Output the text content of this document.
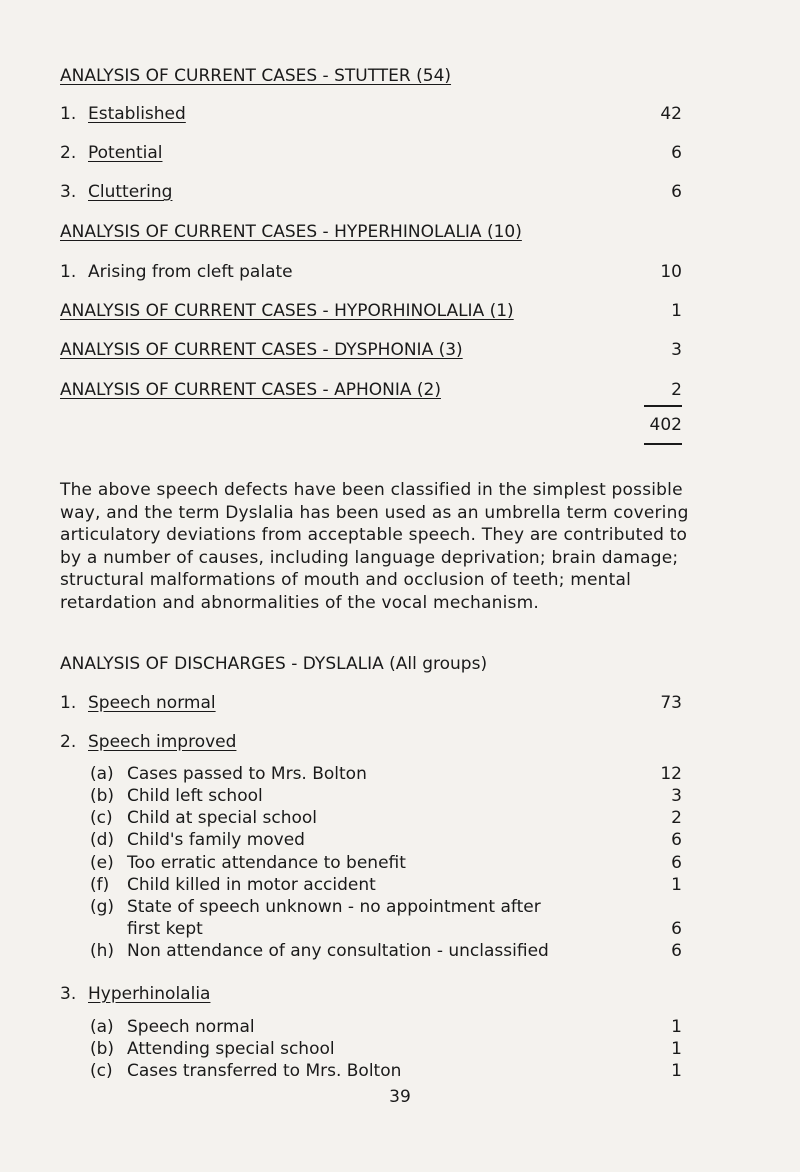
ANALYSIS OF CURRENT CASES - STUTTER (54)
1. Established	42
2. Potential	6
3. Cluttering	6
ANALYSIS OF CURRENT CASES - HYPERHINOLALIA (10)
1. Arising from cleft palate	10
ANALYSIS OF CURRENT CASES - HYPORHINOLALIA (1)	1
ANALYSIS OF CURRENT CASES - DYSPHONIA (3)	3
ANALYSIS OF CURRENT CASES - APHONIA (2)	2
402
The above speech defects have been classified in the simplest possible way, and the term Dyslalia has been used as an umbrella term covering articulatory deviations from acceptable speech. They are contributed to by a number of causes, including language deprivation; brain damage; structural malformations of mouth and occlusion of teeth; mental retardation and abnormalities of the vocal mechanism.
ANALYSIS OF DISCHARGES - DYSLALIA (All groups)
1. Speech normal	73
2. Speech improved
(a) Cases passed to Mrs. Bolton	12
(b) Child left school	3
(c) Child at special school	2
(d) Child's family moved	6
(e) Too erratic attendance to benefit	6
(f) Child killed in motor accident	1
(g) State of speech unknown - no appointment after
first kept	6
(h) Non attendance of any consultation - unclassified	6
3. Hyperhinolalia
(a) Speech normal	1
(b) Attending special school	1
(c) Cases transferred to Mrs. Bolton	1
39
